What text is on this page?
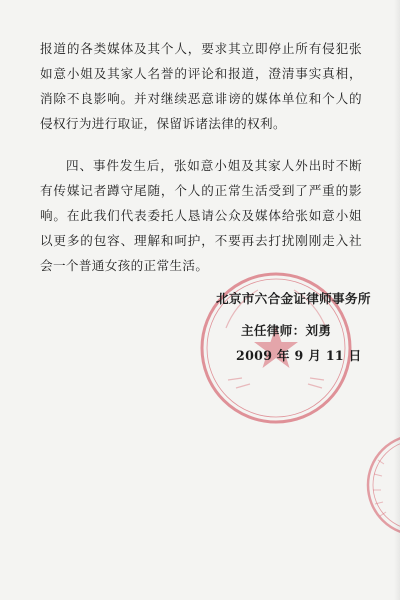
报道的各类媒体及其个人，要求其立即停止所有侵犯张如意小姐及其家人名誉的评论和报道，澄清事实真相，消除不良影响。并对继续恶意诽谤的媒体单位和个人的侵权行为进行取证，保留诉诸法律的权利。

四、事件发生后，张如意小姐及其家人外出时不断有传媒记者蹲守尾随，个人的正常生活受到了严重的影响。在此我们代表委托人恳请公众及媒体给张如意小姐以更多的包容、理解和呵护，不要再去打扰刚刚走入社会一个普通女孩的正常生活。

北京市六合金证律师事务所
主任律师：刘勇
2009 年 9 月 11 日
